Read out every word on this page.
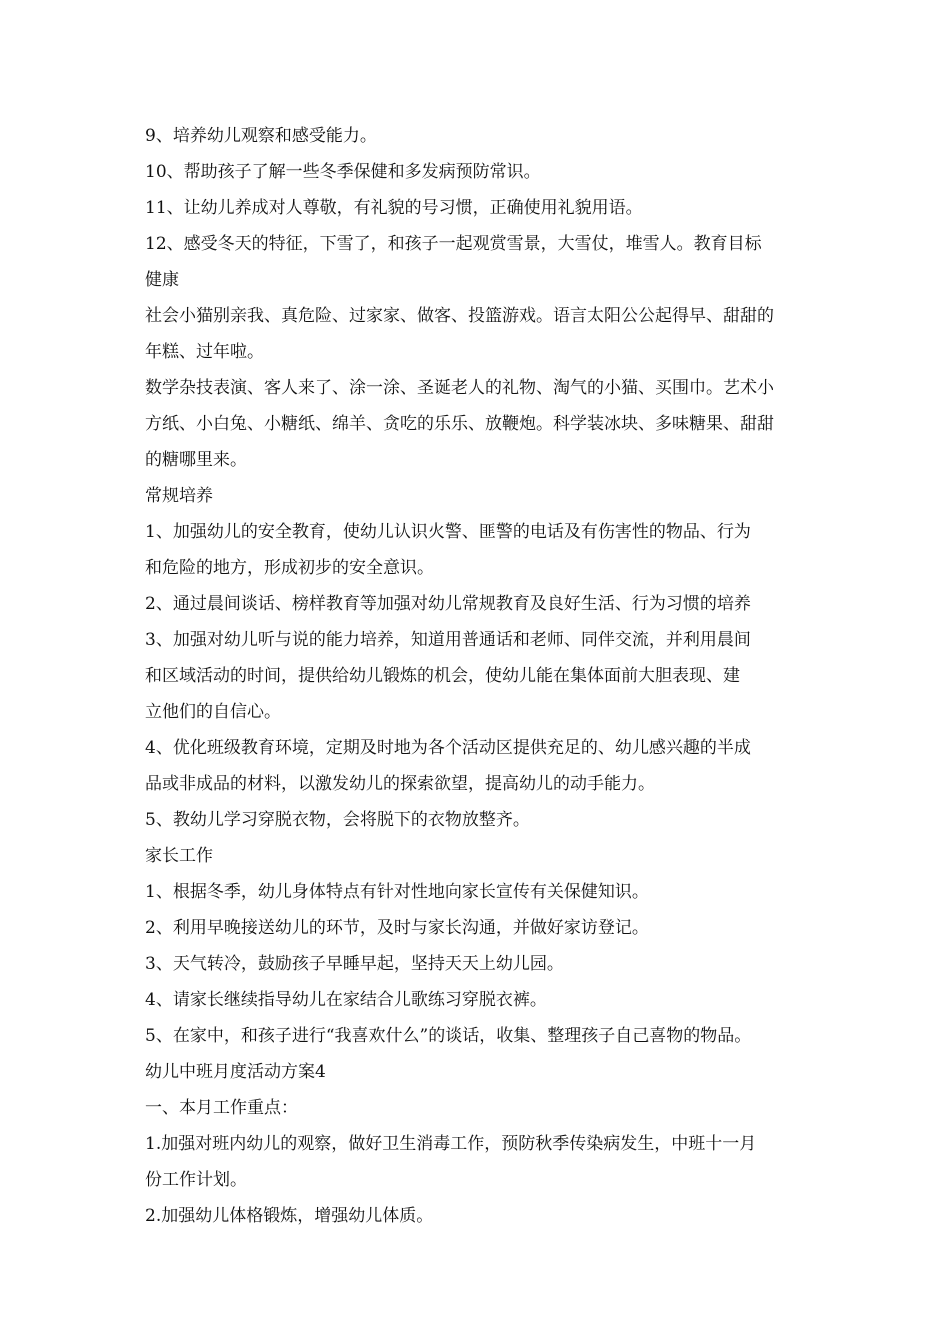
9、培养幼儿观察和感受能力。
10、帮助孩子了解一些冬季保健和多发病预防常识。
11、让幼儿养成对人尊敬，有礼貌的号习惯，正确使用礼貌用语。
12、感受冬天的特征，下雪了，和孩子一起观赏雪景，大雪仗，堆雪人。教育目标
健康
社会小猫别亲我、真危险、过家家、做客、投篮游戏。语言太阳公公起得早、甜甜的
年糕、过年啦。
数学杂技表演、客人来了、涂一涂、圣诞老人的礼物、淘气的小猫、买围巾。艺术小
方纸、小白兔、小糖纸、绵羊、贪吃的乐乐、放鞭炮。科学装冰块、多味糖果、甜甜
的糖哪里来。
常规培养
1、加强幼儿的安全教育，使幼儿认识火警、匪警的电话及有伤害性的物品、行为
和危险的地方，形成初步的安全意识。
2、通过晨间谈话、榜样教育等加强对幼儿常规教育及良好生活、行为习惯的培养
3、加强对幼儿听与说的能力培养，知道用普通话和老师、同伴交流，并利用晨间
和区域活动的时间，提供给幼儿锻炼的机会，使幼儿能在集体面前大胆表现、建
立他们的自信心。
4、优化班级教育环境，定期及时地为各个活动区提供充足的、幼儿感兴趣的半成
品或非成品的材料，以激发幼儿的探索欲望，提高幼儿的动手能力。
5、教幼儿学习穿脱衣物，会将脱下的衣物放整齐。
家长工作
1、根据冬季，幼儿身体特点有针对性地向家长宣传有关保健知识。
2、利用早晚接送幼儿的环节，及时与家长沟通，并做好家访登记。
3、天气转冷，鼓励孩子早睡早起，坚持天天上幼儿园。
4、请家长继续指导幼儿在家结合儿歌练习穿脱衣裤。
5、在家中，和孩子进行“我喜欢什么”的谈话，收集、整理孩子自己喜物的物品。
幼儿中班月度活动方案4
一、本月工作重点：
1.加强对班内幼儿的观察，做好卫生消毒工作，预防秋季传染病发生，中班十一月
份工作计划。
2.加强幼儿体格锻炼，增强幼儿体质。
